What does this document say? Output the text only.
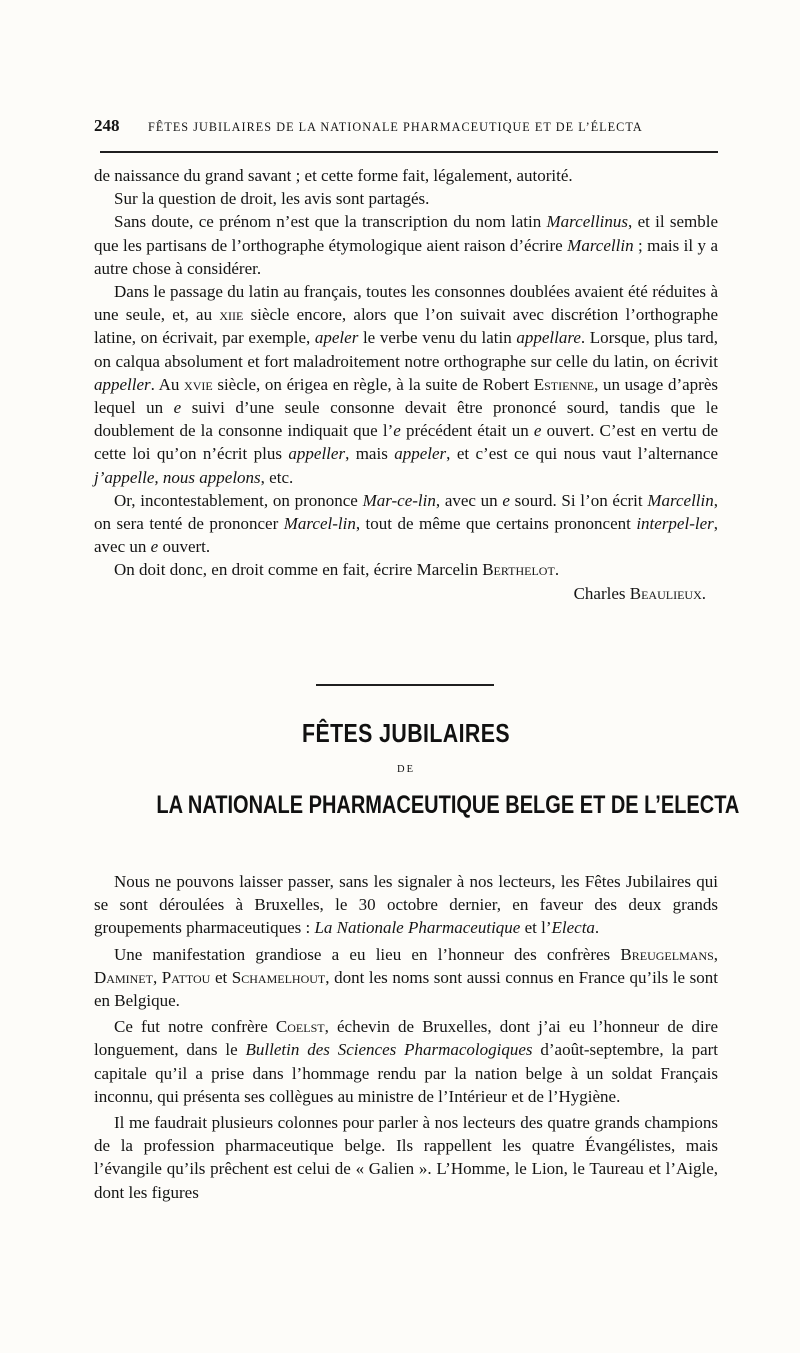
248	FÊTES JUBILAIRES DE LA NATIONALE PHARMACEUTIQUE ET DE L’ÉLECTA

de naissance du grand savant ; et cette forme fait, légalement, autorité.

Sur la question de droit, les avis sont partagés.

Sans doute, ce prénom n’est que la transcription du nom latin Marcellinus, et il semble que les partisans de l’orthographe étymologique aient raison d’écrire Marcellin ; mais il y a autre chose à considérer.

Dans le passage du latin au français, toutes les consonnes doublées avaient été réduites à une seule, et, au xiie siècle encore, alors que l’on suivait avec discrétion l’orthographe latine, on écrivait, par exemple, apeler le verbe venu du latin appellare. Lorsque, plus tard, on calqua absolument et fort maladroitement notre orthographe sur celle du latin, on écrivit appeller. Au xvie siècle, on érigea en règle, à la suite de Robert Estienne, un usage d’après lequel un e suivi d’une seule consonne devait être prononcé sourd, tandis que le doublement de la consonne indiquait que l’e précédent était un e ouvert. C’est en vertu de cette loi qu’on n’écrit plus appeller, mais appeler, et c’est ce qui nous vaut l’alternance j’appelle, nous appelons, etc.

Or, incontestablement, on prononce Mar-ce-lin, avec un e sourd. Si l’on écrit Marcellin, on sera tenté de prononcer Marcel-lin, tout de même que certains prononcent interpel-ler, avec un e ouvert.

On doit donc, en droit comme en fait, écrire Marcelin Berthelot.

Charles Beaulieux.

FÊTES JUBILAIRES
DE
LA NATIONALE PHARMACEUTIQUE BELGE ET DE L’ELECTA

Nous ne pouvons laisser passer, sans les signaler à nos lecteurs, les Fêtes Jubilaires qui se sont déroulées à Bruxelles, le 30 octobre dernier, en faveur des deux grands groupements pharmaceutiques : La Nationale Pharmaceutique et l’Electa.

Une manifestation grandiose a eu lieu en l’honneur des confrères Breugelmans, Daminet, Pattou et Schamelhout, dont les noms sont aussi connus en France qu’ils le sont en Belgique.

Ce fut notre confrère Coelst, échevin de Bruxelles, dont j’ai eu l’honneur de dire longuement, dans le Bulletin des Sciences Pharmacologiques d’août-septembre, la part capitale qu’il a prise dans l’hommage rendu par la nation belge à un soldat Français inconnu, qui présenta ses collègues au ministre de l’Intérieur et de l’Hygiène.

Il me faudrait plusieurs colonnes pour parler à nos lecteurs des quatre grands champions de la profession pharmaceutique belge. Ils rappellent les quatre Évangélistes, mais l’évangile qu’ils prêchent est celui de « Galien ». L’Homme, le Lion, le Taureau et l’Aigle, dont les figures
